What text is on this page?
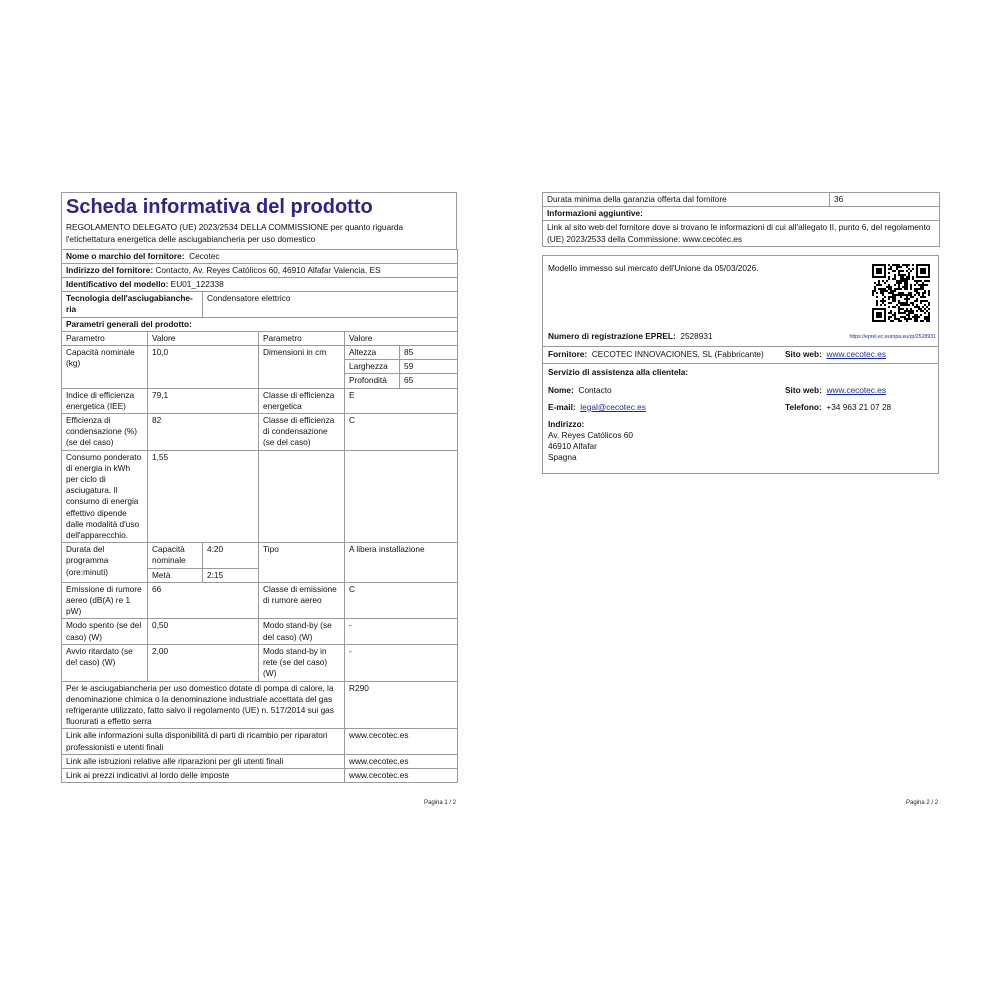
Scheda informativa del prodotto
REGOLAMENTO DELEGATO (UE) 2023/2534 DELLA COMMISSIONE per quanto riguarda l'etichettatura energetica delle asciugabiancheria per uso domestico
Nome o marchio del fornitore: Cecotec					
Indirizzo del fornitore: Contacto, Av. Reyes Católicos 60, 46910 Alfafar Valencia, ES					
Identificativo del modello: EU01_122338					
Tecnologia dell'asciugabianche-ria		Condensatore elettrico			
Parametri generali del prodotto:					
Parametro	Valore		Parametro	Valore	
Capacità nominale (kg)	10,0		Dimensioni in cm	Altezza	85
				Larghezza	59
				Profondità	65
Indice di efficienza energetica (IEE)	79,1		Classe di efficienza energetica	E	
Efficienza di condensazione (%) (se del caso)	82		Classe di efficienza di condensazione (se del caso)	C	
Consumo ponderato di energia in kWh per ciclo di asciugatura. Il consumo di energia effettivo dipende dalle modalità d'uso dell'apparecchio.	1,55				
Durata del programma (ore:minuti)	Capacità nominale	4:20	Tipo	A libera installazione	
	Metà	2:15			
Emissione di rumore aereo (dB(A) re 1 pW)	66		Classe di emissione di rumore aereo	C	
Modo spento (se del caso) (W)	0,50		Modo stand-by (se del caso) (W)	-	
Avvio ritardato (se del caso) (W)	2,00		Modo stand-by in rete (se del caso) (W)	-	
Per le asciugabiancheria per uso domestico dotate di pompa di calore, la denominazione chimica o la denominazione industriale accettata del gas refrigerante utilizzato, fatto salvo il regolamento (UE) n. 517/2014 sui gas fluorurati a effetto serra				R290	
Link alle informazioni sulla disponibilità di parti di ricambio per riparatori professionisti e utenti finali				www.cecotec.es	
Link alle istruzioni relative alle riparazioni per gli utenti finali				www.cecotec.es	
Link ai prezzi indicativi al lordo delle imposte				www.cecotec.es	
Pagina 1 / 2
Durata minima della garanzia offerta dal fornitore	36
Informazioni aggiuntive:
Link al sito web del fornitore dove si trovano le informazioni di cui all'allegato II, punto 6, del regolamento (UE) 2023/2533 della Commissione: www.cecotec.es
Modello immesso sul mercato dell'Unione da 05/03/2026.
Numero di registrazione EPREL: 2528931	https://eprel.ec.europa.eu/qr/2528931
Fornitore: CECOTEC INNOVACIONES, SL (Fabbricante)	Sito web: www.cecotec.es
Servizio di assistenza alla clientela:
Nome: Contacto	Sito web: www.cecotec.es
E-mail: legal@cecotec.es	Telefono: +34 963 21 07 28
Indirizzo:
Av. Reyes Católicos 60
46910 Alfafar
Spagna
Pagina 2 / 2
